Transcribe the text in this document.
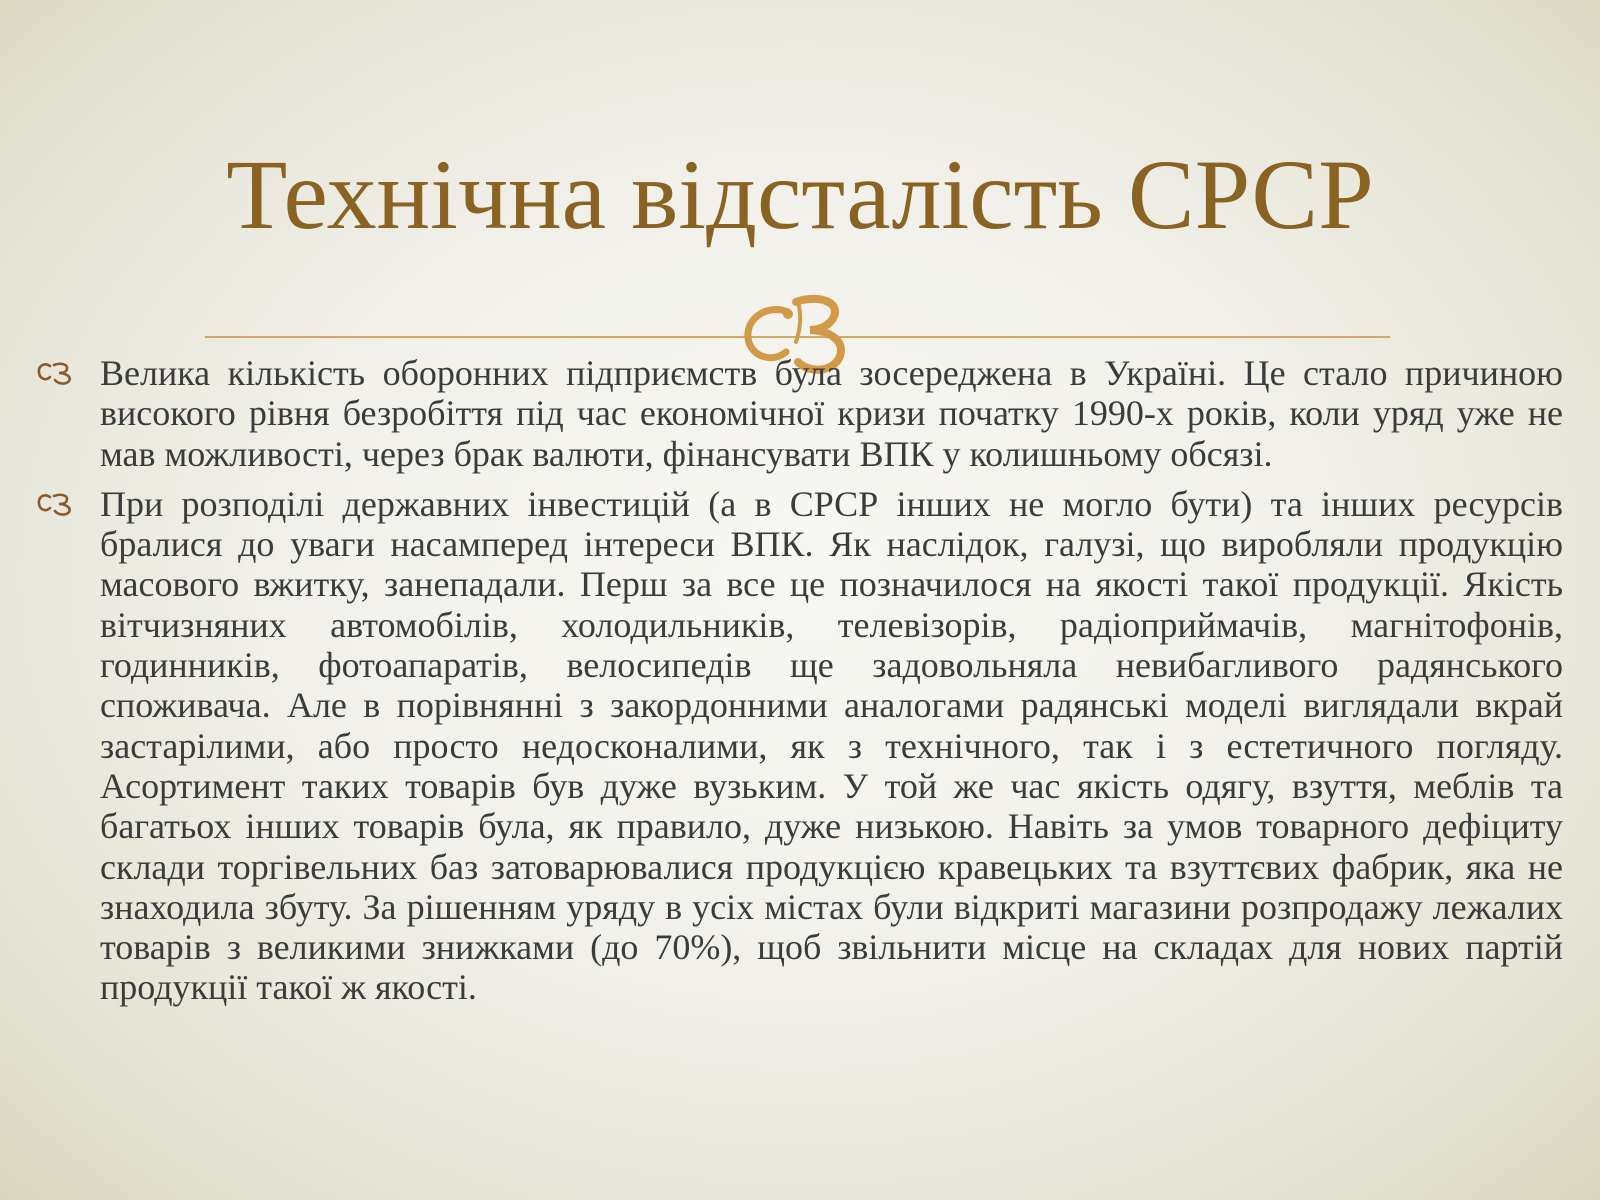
Технічна відсталість СРСР
Велика кількість оборонних підприємств була зосереджена в Україні. Це стало причиною високого рівня безробіття під час економічної кризи початку 1990-х років, коли уряд уже не мав можливості, через брак валюти, фінансувати ВПК у колишньому обсязі.
При розподілі державних інвестицій (а в СРСР інших не могло бути) та інших ресурсів бралися до уваги насамперед інтереси ВПК. Як наслідок, галузі, що виробляли продукцію масового вжитку, занепадали. Перш за все це позначилося на якості такої продукції. Якість вітчизняних автомобілів, холодильників, телевізорів, радіоприймачів, магнітофонів, годинників, фотоапаратів, велосипедів ще задовольняла невибагливого радянського споживача. Але в порівнянні з закордонними аналогами радянські моделі виглядали вкрай застарілими, або просто недосконалими, як з технічного, так і з естетичного погляду. Асортимент таких товарів був дуже вузьким. У той же час якість одягу, взуття, меблів та багатьох інших товарів була, як правило, дуже низькою. Навіть за умов товарного дефіциту склади торгівельних баз затоварювалися продукцією кравецьких та взуттєвих фабрик, яка не знаходила збуту. За рішенням уряду в усіх містах були відкриті магазини розпродажу лежалих товарів з великими знижками (до 70%), щоб звільнити місце на складах для нових партій продукції такої ж якості.
